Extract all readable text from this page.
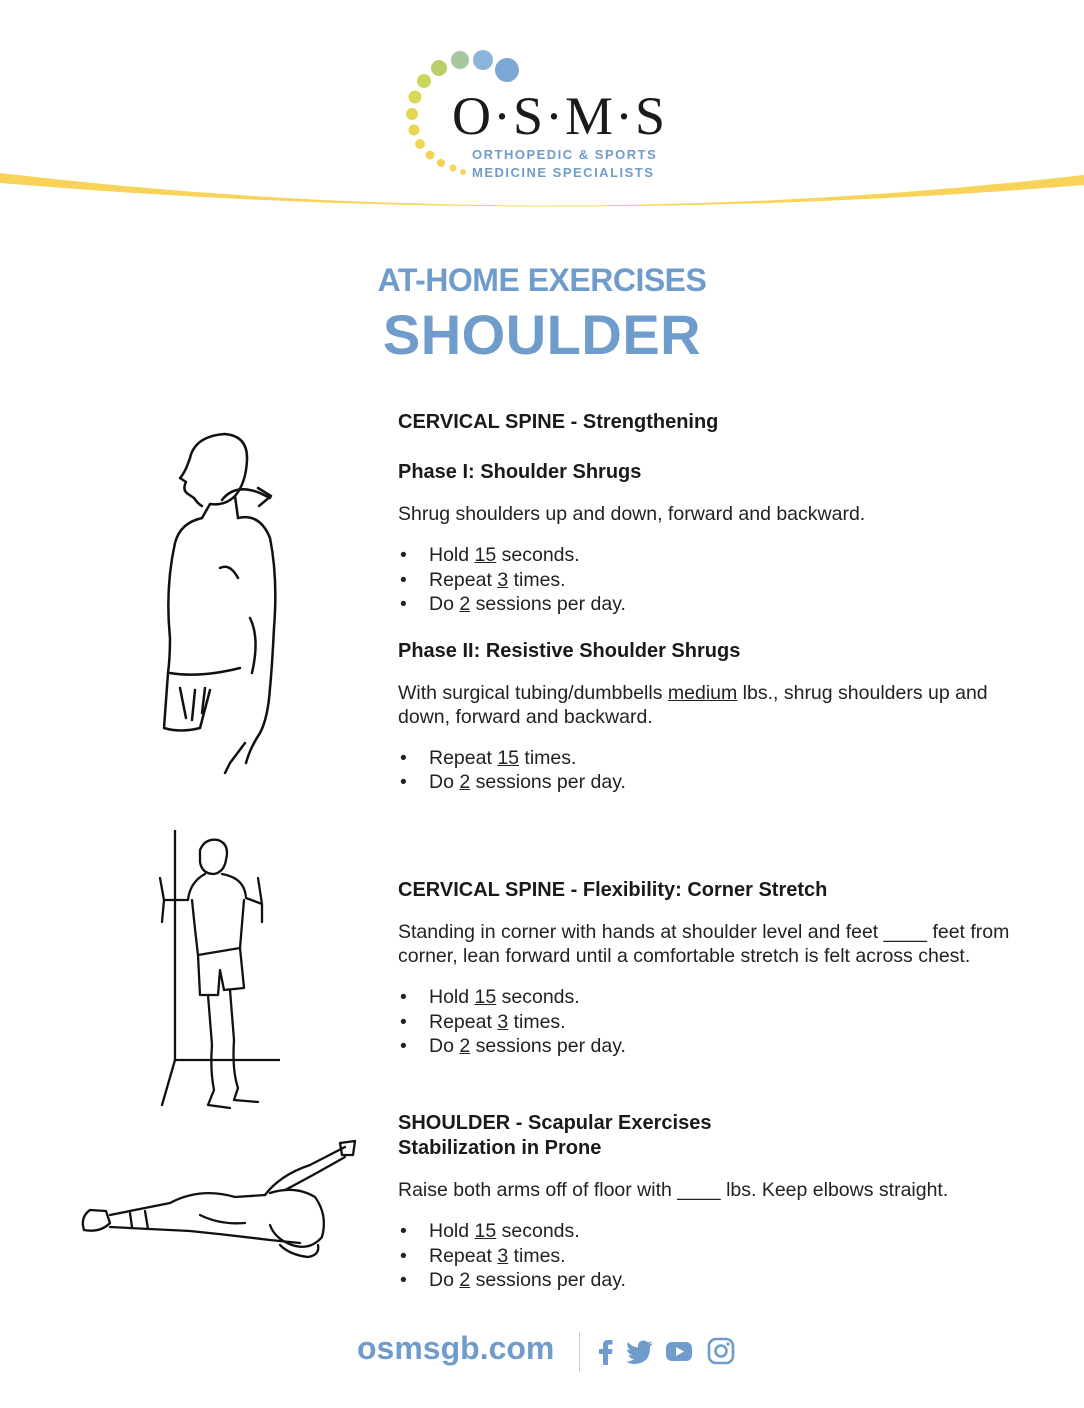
O·S·M·S
ORTHOPEDIC & SPORTS
MEDICINE SPECIALISTS
AT-HOME EXERCISES
SHOULDER
CERVICAL SPINE - Strengthening
Phase I: Shoulder Shrugs

Shrug shoulders up and down, forward and backward.

• Hold 15 seconds.
• Repeat 3 times.
• Do 2 sessions per day.
Phase II: Resistive Shoulder Shrugs

With surgical tubing/dumbbells medium lbs., shrug shoulders up and down, forward and backward.

• Repeat 15 times.
• Do 2 sessions per day.
CERVICAL SPINE - Flexibility: Corner Stretch

Standing in corner with hands at shoulder level and feet ____ feet from corner, lean forward until a comfortable stretch is felt across chest.

• Hold 15 seconds.
• Repeat 3 times.
• Do 2 sessions per day.
SHOULDER - Scapular Exercises
Stabilization in Prone

Raise both arms off of floor with ____ lbs. Keep elbows straight.

• Hold 15 seconds.
• Repeat 3 times.
• Do 2 sessions per day.
osmsgb.com
